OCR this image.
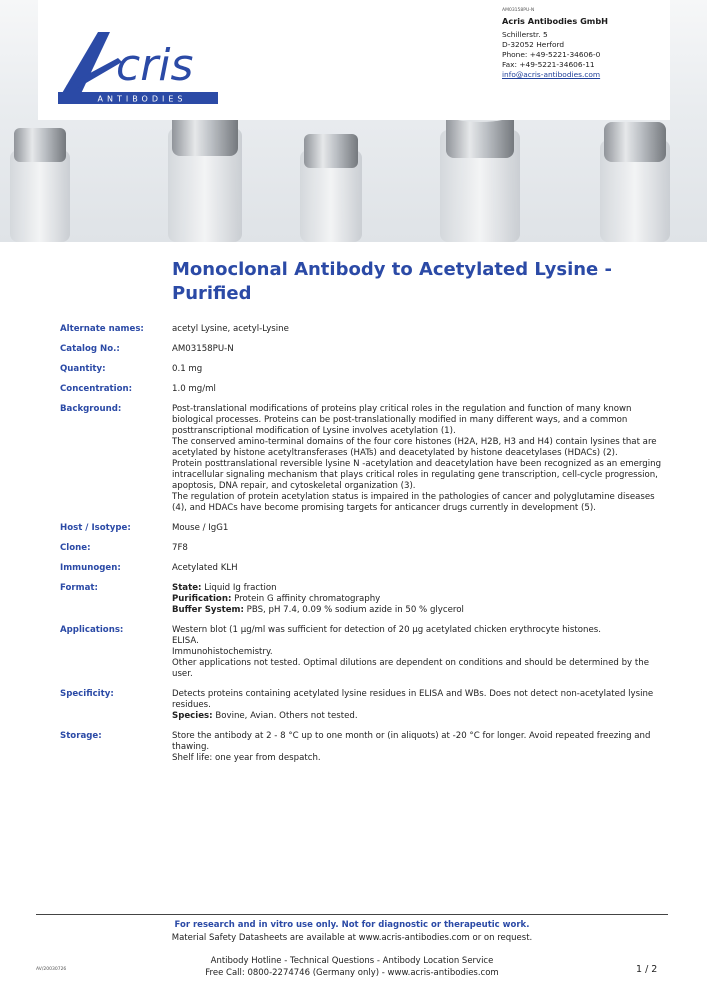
cris
ANTIBODIES
AM03158PU-N
Acris Antibodies GmbH
Schillerstr. 5
D-32052 Herford
Phone: +49-5221-34606-0
Fax: +49-5221-34606-11
info@acris-antibodies.com
Monoclonal Antibody to Acetylated Lysine - Purified
Alternate names:	acetyl Lysine, acetyl-Lysine
Catalog No.:	AM03158PU-N
Quantity:	0.1 mg
Concentration:	1.0 mg/ml
Background:	Post-translational modifications of proteins play critical roles in the regulation and function of many known biological processes. Proteins can be post-translationally modified in many different ways, and a common posttranscriptional modification of Lysine involves acetylation (1).

The conserved amino-terminal domains of the four core histones (H2A, H2B, H3 and H4) contain lysines that are acetylated by histone acetyltransferases (HATs) and deacetylated by histone deacetylases (HDACs) (2).

Protein posttranslational reversible lysine N -acetylation and deacetylation have been recognized as an emerging intracellular signaling mechanism that plays critical roles in regulating gene transcription, cell-cycle progression, apoptosis, DNA repair, and cytoskeletal organization (3).

The regulation of protein acetylation status is impaired in the pathologies of cancer and polyglutamine diseases (4), and HDACs have become promising targets for anticancer drugs currently in development (5).

Host / Isotype:	Mouse / IgG1
Clone:	7F8
Immunogen:	Acetylated KLH
Format:	State: Liquid Ig fraction

Purification: Protein G affinity chromatography

Buffer System: PBS, pH 7.4, 0.09 % sodium azide in 50 % glycerol

Applications:	Western blot (1 µg/ml was sufficient for detection of 20 µg acetylated chicken erythrocyte histones.

ELISA.

Immunohistochemistry.

Other applications not tested. Optimal dilutions are dependent on conditions and should be determined by the user.

Specificity:	Detects proteins containing acetylated lysine residues in ELISA and WBs. Does not detect non-acetylated lysine residues.

Species: Bovine, Avian. Others not tested.

Storage:	Store the antibody at 2 - 8 °C up to one month or (in aliquots) at -20 °C for longer. Avoid repeated freezing and thawing.

Shelf life: one year from despatch.

For research and in vitro use only. Not for diagnostic or therapeutic work.
Material Safety Datasheets are available at www.acris-antibodies.com or on request.
Antibody Hotline - Technical Questions - Antibody Location Service
Free Call: 0800-2274746 (Germany only) - www.acris-antibodies.com
AV/20030726	1 / 2
